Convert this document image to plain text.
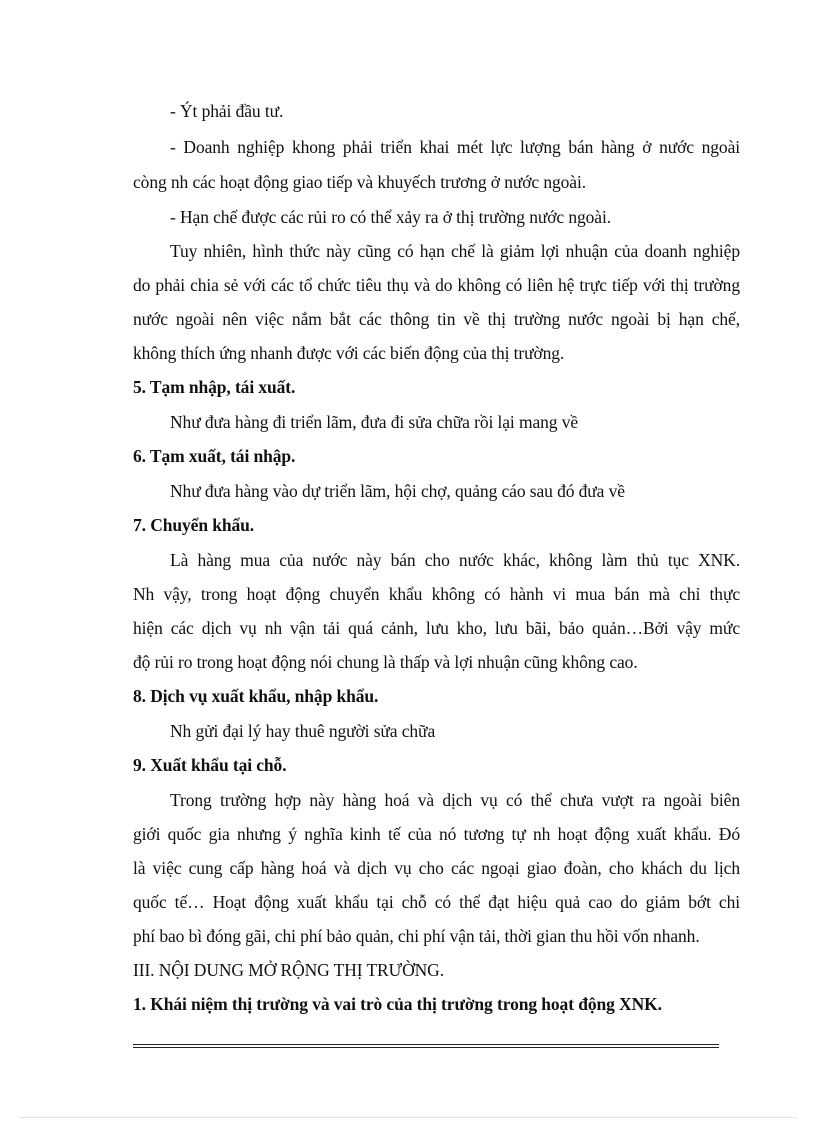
- Ýt phải đầu tư.
- Doanh nghiệp khong phải triển khai mét lực lượng bán hàng ở nước ngoài
còng nh các hoạt động giao tiếp và khuyếch trương ở nước ngoài.
- Hạn chế được các rủi ro có thể xảy ra ở thị trường nước ngoài.
Tuy nhiên, hình thức này cũng có hạn chế là giảm lợi nhuận của doanh nghiệp
do phải chia sẻ với các tổ chức tiêu thụ và do không có liên hệ trực tiếp với thị trường
nước ngoài nên việc nắm bắt các thông tin về thị trường nước ngoài bị hạn chế,
không thích ứng nhanh được với các biến động của thị trường.
5. Tạm nhập, tái xuất.
Như đưa hàng đi triển lãm, đưa đi sửa chữa rồi lại mang về
6. Tạm xuất, tái nhập.
Như đưa hàng vào dự triển lãm, hội chợ, quảng cáo sau đó đưa về
7. Chuyển khẩu.
Là hàng mua của nước này bán cho nước khác, không làm thủ tục XNK.
Nh vậy, trong hoạt động chuyển khẩu không có hành vi mua bán mà chỉ thực
hiện các dịch vụ nh vận tải quá cảnh, lưu kho, lưu bãi, bảo quản…Bởi vậy mức
độ rủi ro trong hoạt động nói chung là thấp và lợi nhuận cũng không cao.
8. Dịch vụ xuất khẩu, nhập khẩu.
Nh gửi đại lý hay thuê người sửa chữa
9. Xuất khẩu tại chỗ.
Trong trường hợp này hàng hoá và dịch vụ có thể chưa vượt ra ngoài biên
giới quốc gia nhưng ý nghĩa kinh tế của nó tương tự nh hoạt động xuất khẩu. Đó
là việc cung cấp hàng hoá và dịch vụ cho các ngoại giao đoàn, cho khách du lịch
quốc tế… Hoạt động xuất khẩu tại chỗ có thể đạt hiệu quả cao do giảm bớt chi
phí bao bì đóng gãi, chi phí bảo quản, chi phí vận tải, thời gian thu hồi vốn nhanh.
III. NỘI DUNG MỞ RỘNG THỊ TRƯỜNG.
1. Khái niệm thị trường và vai trò của thị trường trong hoạt động XNK.
